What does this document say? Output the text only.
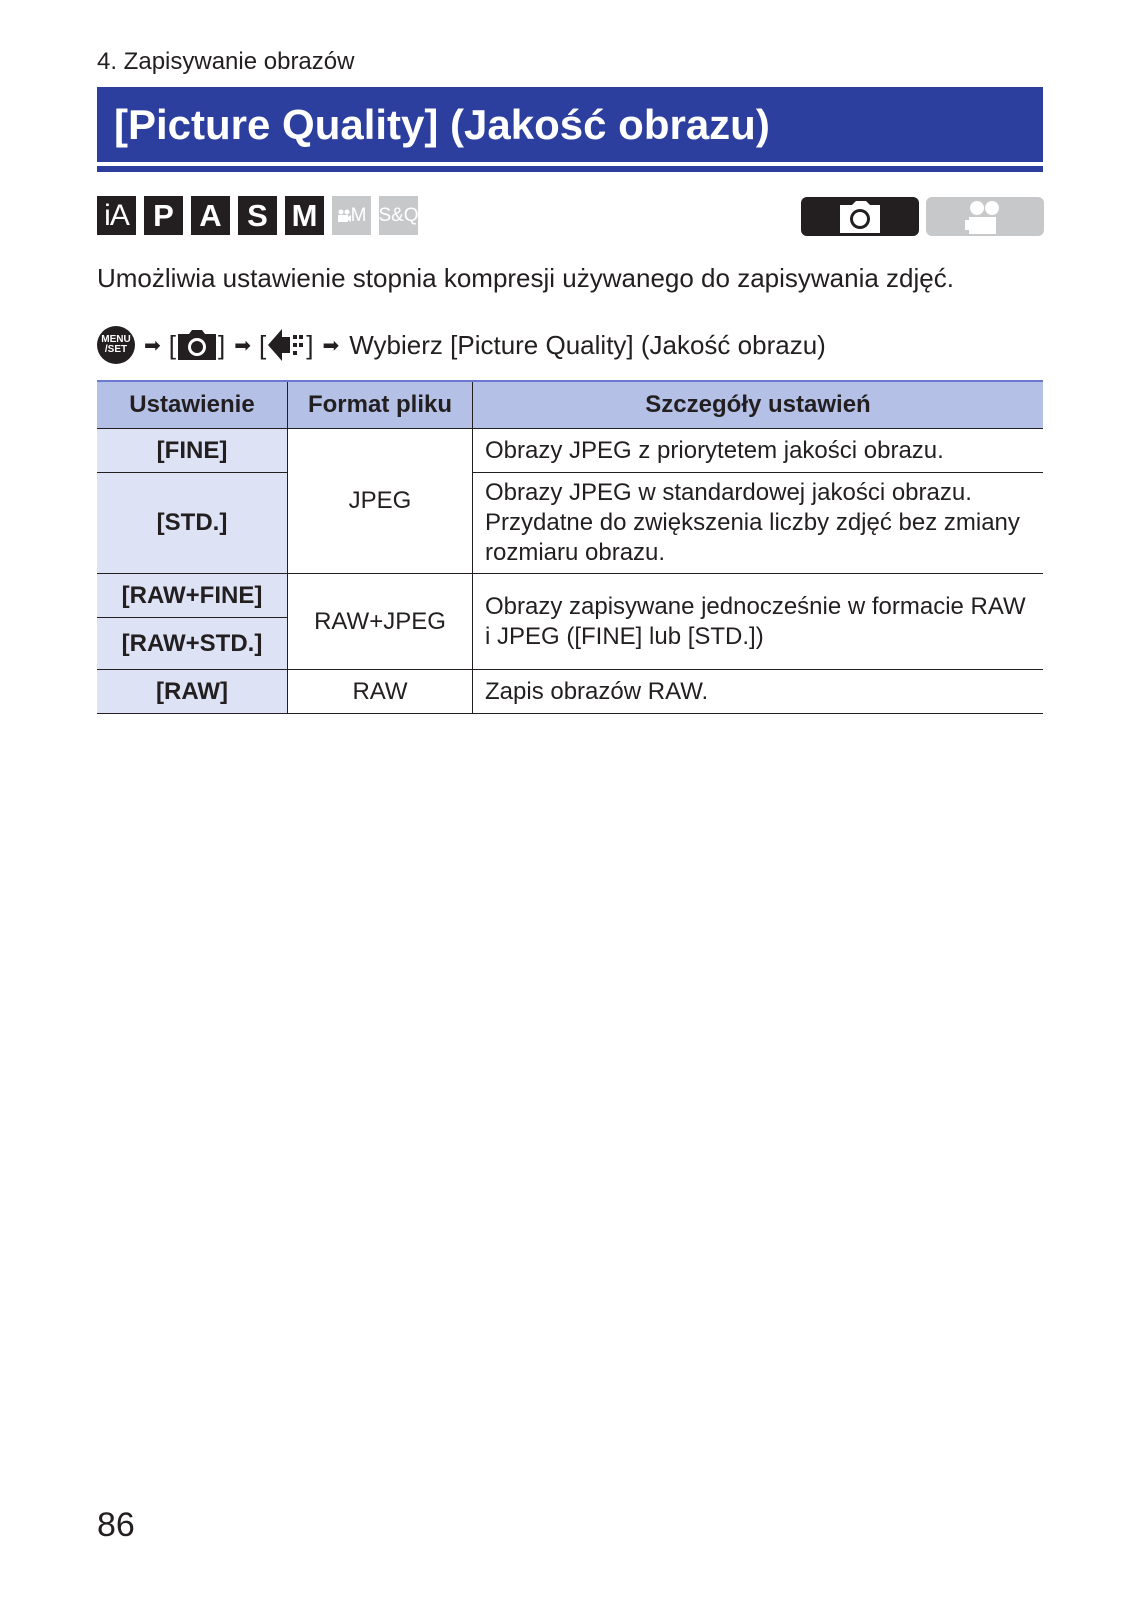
4. Zapisywanie obrazów
[Picture Quality] (Jakość obrazu)
iA P A S M	M S&Q
Umożliwia ustawienie stopnia kompresji używanego do zapisywania zdjęć.
MENU
/SET ➡ [ ] ➡ [ ] ➡ Wybierz [Picture Quality] (Jakość obrazu)
Ustawienie	Format pliku	Szczegóły ustawień
[FINE]	JPEG	Obrazy JPEG z priorytetem jakości obrazu.
[STD.]		Obrazy JPEG w standardowej jakości obrazu. Przydatne do zwiększenia liczby zdjęć bez zmiany rozmiaru obrazu.
[RAW+FINE]	RAW+JPEG	Obrazy zapisywane jednocześnie w formacie RAW i JPEG ([FINE] lub [STD.])
[RAW+STD.]		
[RAW]	RAW	Zapis obrazów RAW.
86
